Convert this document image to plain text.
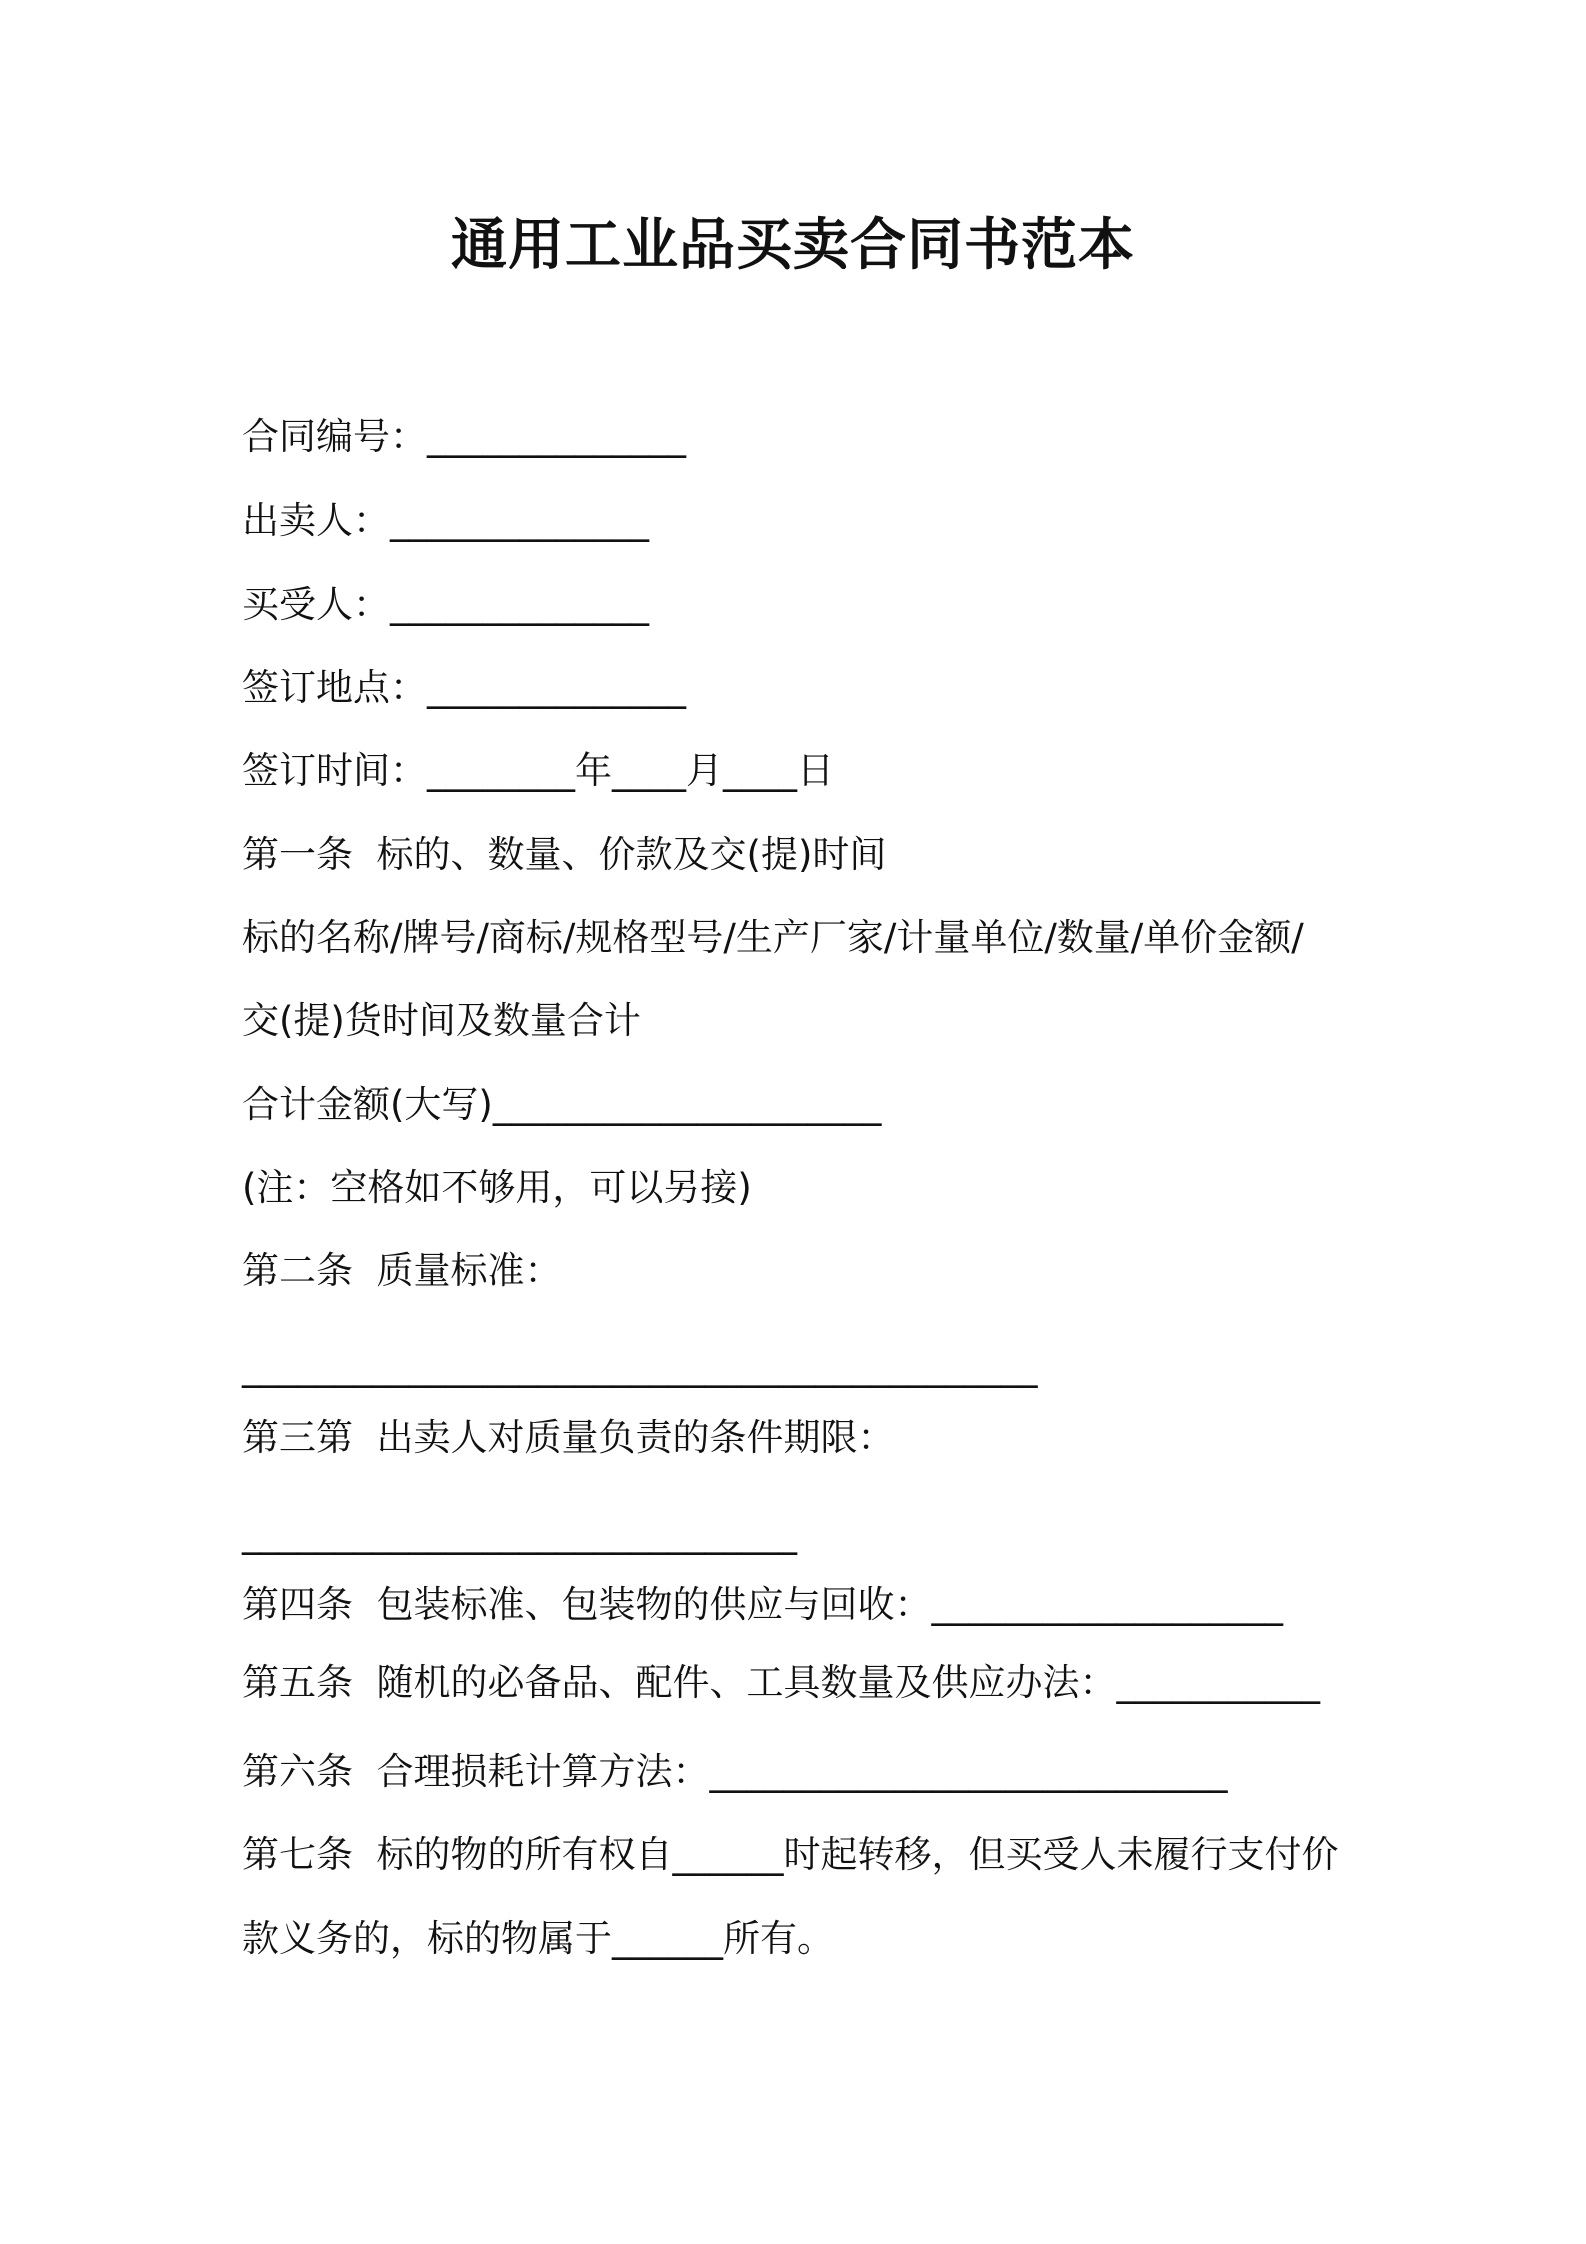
通用工业品买卖合同书范本
合同编号：______________
出卖人：______________
买受人：______________
签订地点：______________
签订时间：________年____月____日
第一条  标的、数量、价款及交(提)时间
标的名称/牌号/商标/规格型号/生产厂家/计量单位/数量/单价金额/
交(提)货时间及数量合计
合计金额(大写)_____________________
(注：空格如不够用，可以另接)
第二条  质量标准：
___________________________________________
第三第  出卖人对质量负责的条件期限：
______________________________
第四条  包装标准、包装物的供应与回收：___________________
第五条  随机的必备品、配件、工具数量及供应办法：___________
第六条  合理损耗计算方法：____________________________
第七条  标的物的所有权自______时起转移，但买受人未履行支付价
款义务的，标的物属于______所有。
